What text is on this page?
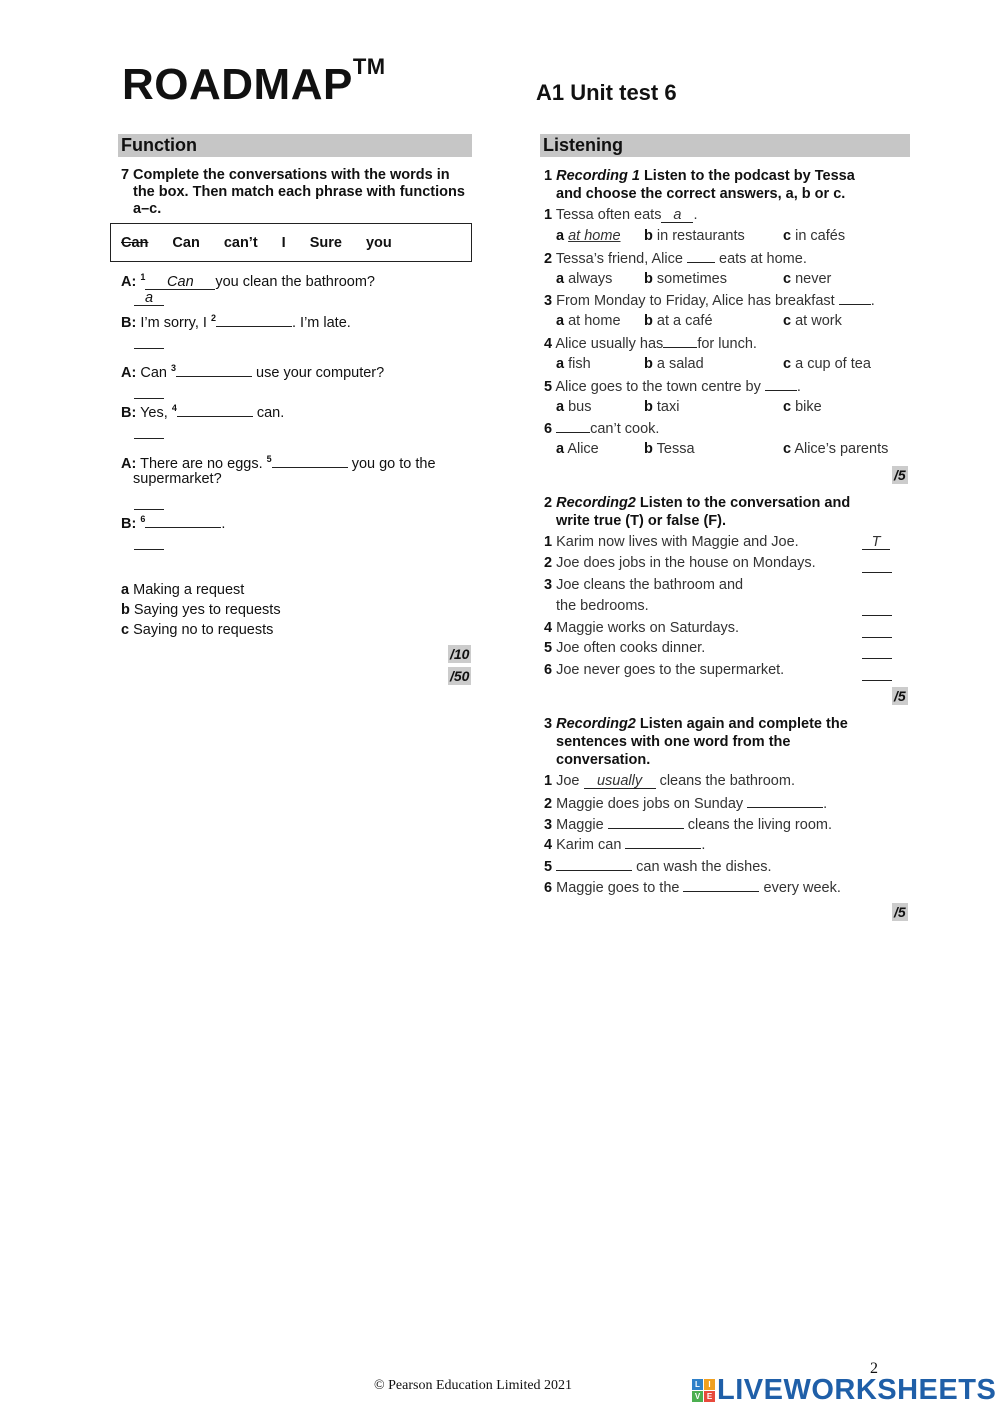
ROADMAP™
A1 Unit test 6
Function
7 Complete the conversations with the words in the box. Then match each phrase with functions a–c.
Can Can can’t I Sure you
A: $^1$ Can you clean the bathroom?
a
B: I’m sorry, I $^2$	. I’m late.
A: Can $^3$	use your computer?
B: Yes, $^4$	can.
A: There are no eggs. $^5$	you go to the
supermarket?
B: $^6$	.
a Making a request
b Saying yes to requests
c Saying no to requests
/10
/50
Listening
1 Recording 1 Listen to the podcast by Tessa
and choose the correct answers, a, b or c.
1 Tessa often eats a .
a at home b in restaurants	c in cafés
2 Tessa’s friend, Alice eats at home.
a always b sometimes	c never
3 From Monday to Friday, Alice has breakfast .
a at home b at a café	c at work
4 Alice usually has for lunch.
a fish	b a salad	c a cup of tea
5 Alice goes to the town centre by .
a bus	b taxi	c bike
6	can’t cook.
a Alice	b Tessa	c Alice’s parents
/5
2 Recording2 Listen to the conversation and
write true (T) or false (F).
1 Karim now lives with Maggie and Joe.	T
2 Joe does jobs in the house on Mondays.
3 Joe cleans the bathroom and
the bedrooms.
4 Maggie works on Saturdays.
5 Joe often cooks dinner.
6 Joe never goes to the supermarket.
/5
3 Recording2 Listen again and complete the
sentences with one word from the
conversation.
1 Joe usually cleans the bathroom.
2 Maggie does jobs on Sunday	.
3 Maggie	cleans the living room.
4 Karim can	.
5	can wash the dishes.
6 Maggie goes to the	every week.
/5
2
© Pearson Education Limited 2021	L	I
V E LIVEWORKSHEETS
